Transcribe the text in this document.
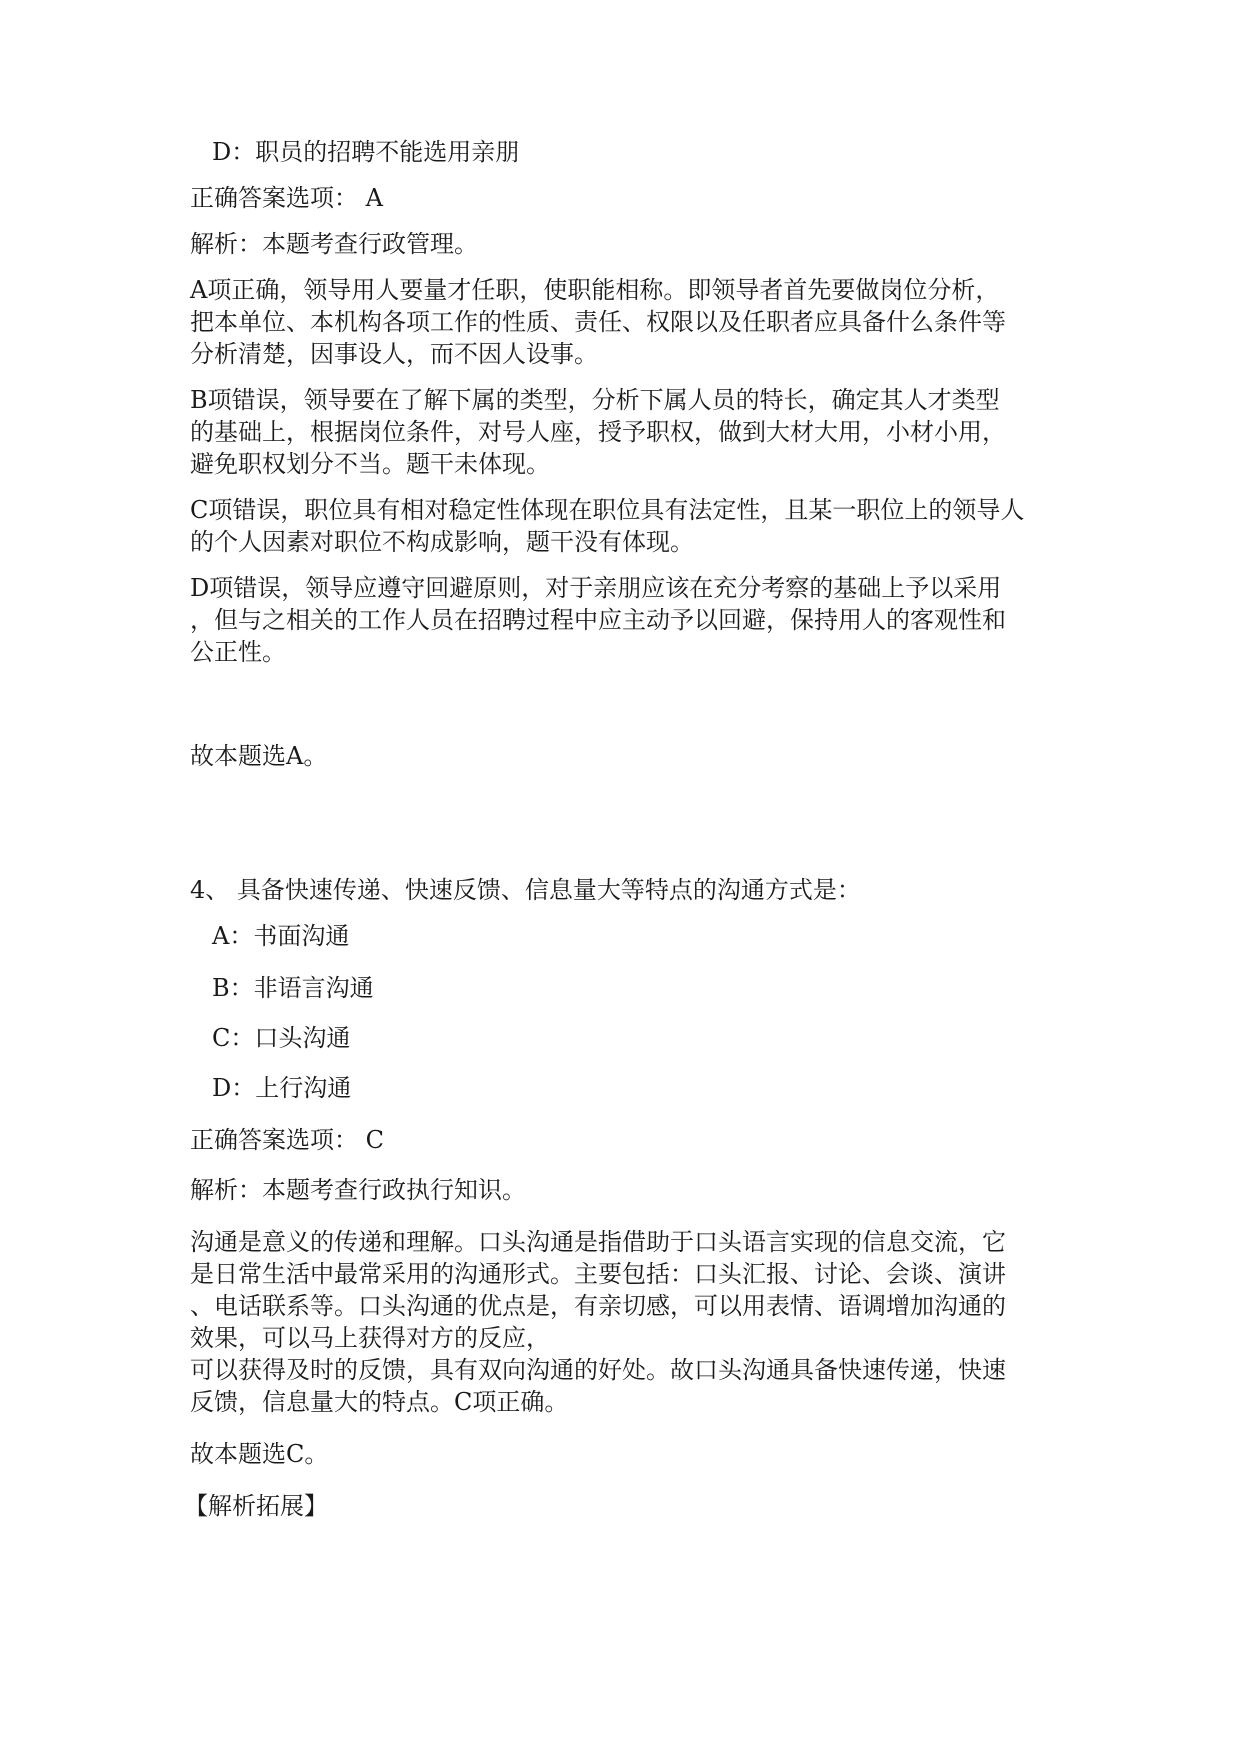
D：职员的招聘不能选用亲朋
正确答案选项： A
解析：本题考查行政管理。
A项正确，领导用人要量才任职，使职能相称。即领导者首先要做岗位分析，
把本单位、本机构各项工作的性质、责任、权限以及任职者应具备什么条件等
分析清楚，因事设人，而不因人设事。
B项错误，领导要在了解下属的类型，分析下属人员的特长，确定其人才类型
的基础上，根据岗位条件，对号人座，授予职权，做到大材大用，小材小用，
避免职权划分不当。题干未体现。
C项错误，职位具有相对稳定性体现在职位具有法定性，且某一职位上的领导人
的个人因素对职位不构成影响，题干没有体现。
D项错误，领导应遵守回避原则，对于亲朋应该在充分考察的基础上予以采用
，但与之相关的工作人员在招聘过程中应主动予以回避，保持用人的客观性和
公正性。
故本题选A。
4、 具备快速传递、快速反馈、信息量大等特点的沟通方式是：
A：书面沟通
B：非语言沟通
C：口头沟通
D：上行沟通
正确答案选项： C
解析：本题考查行政执行知识。
沟通是意义的传递和理解。口头沟通是指借助于口头语言实现的信息交流，它
是日常生活中最常采用的沟通形式。主要包括：口头汇报、讨论、会谈、演讲
、电话联系等。口头沟通的优点是，有亲切感，可以用表情、语调增加沟通的
效果，可以马上获得对方的反应，
可以获得及时的反馈，具有双向沟通的好处。故口头沟通具备快速传递，快速
反馈，信息量大的特点。C项正确。
故本题选C。
【解析拓展】
